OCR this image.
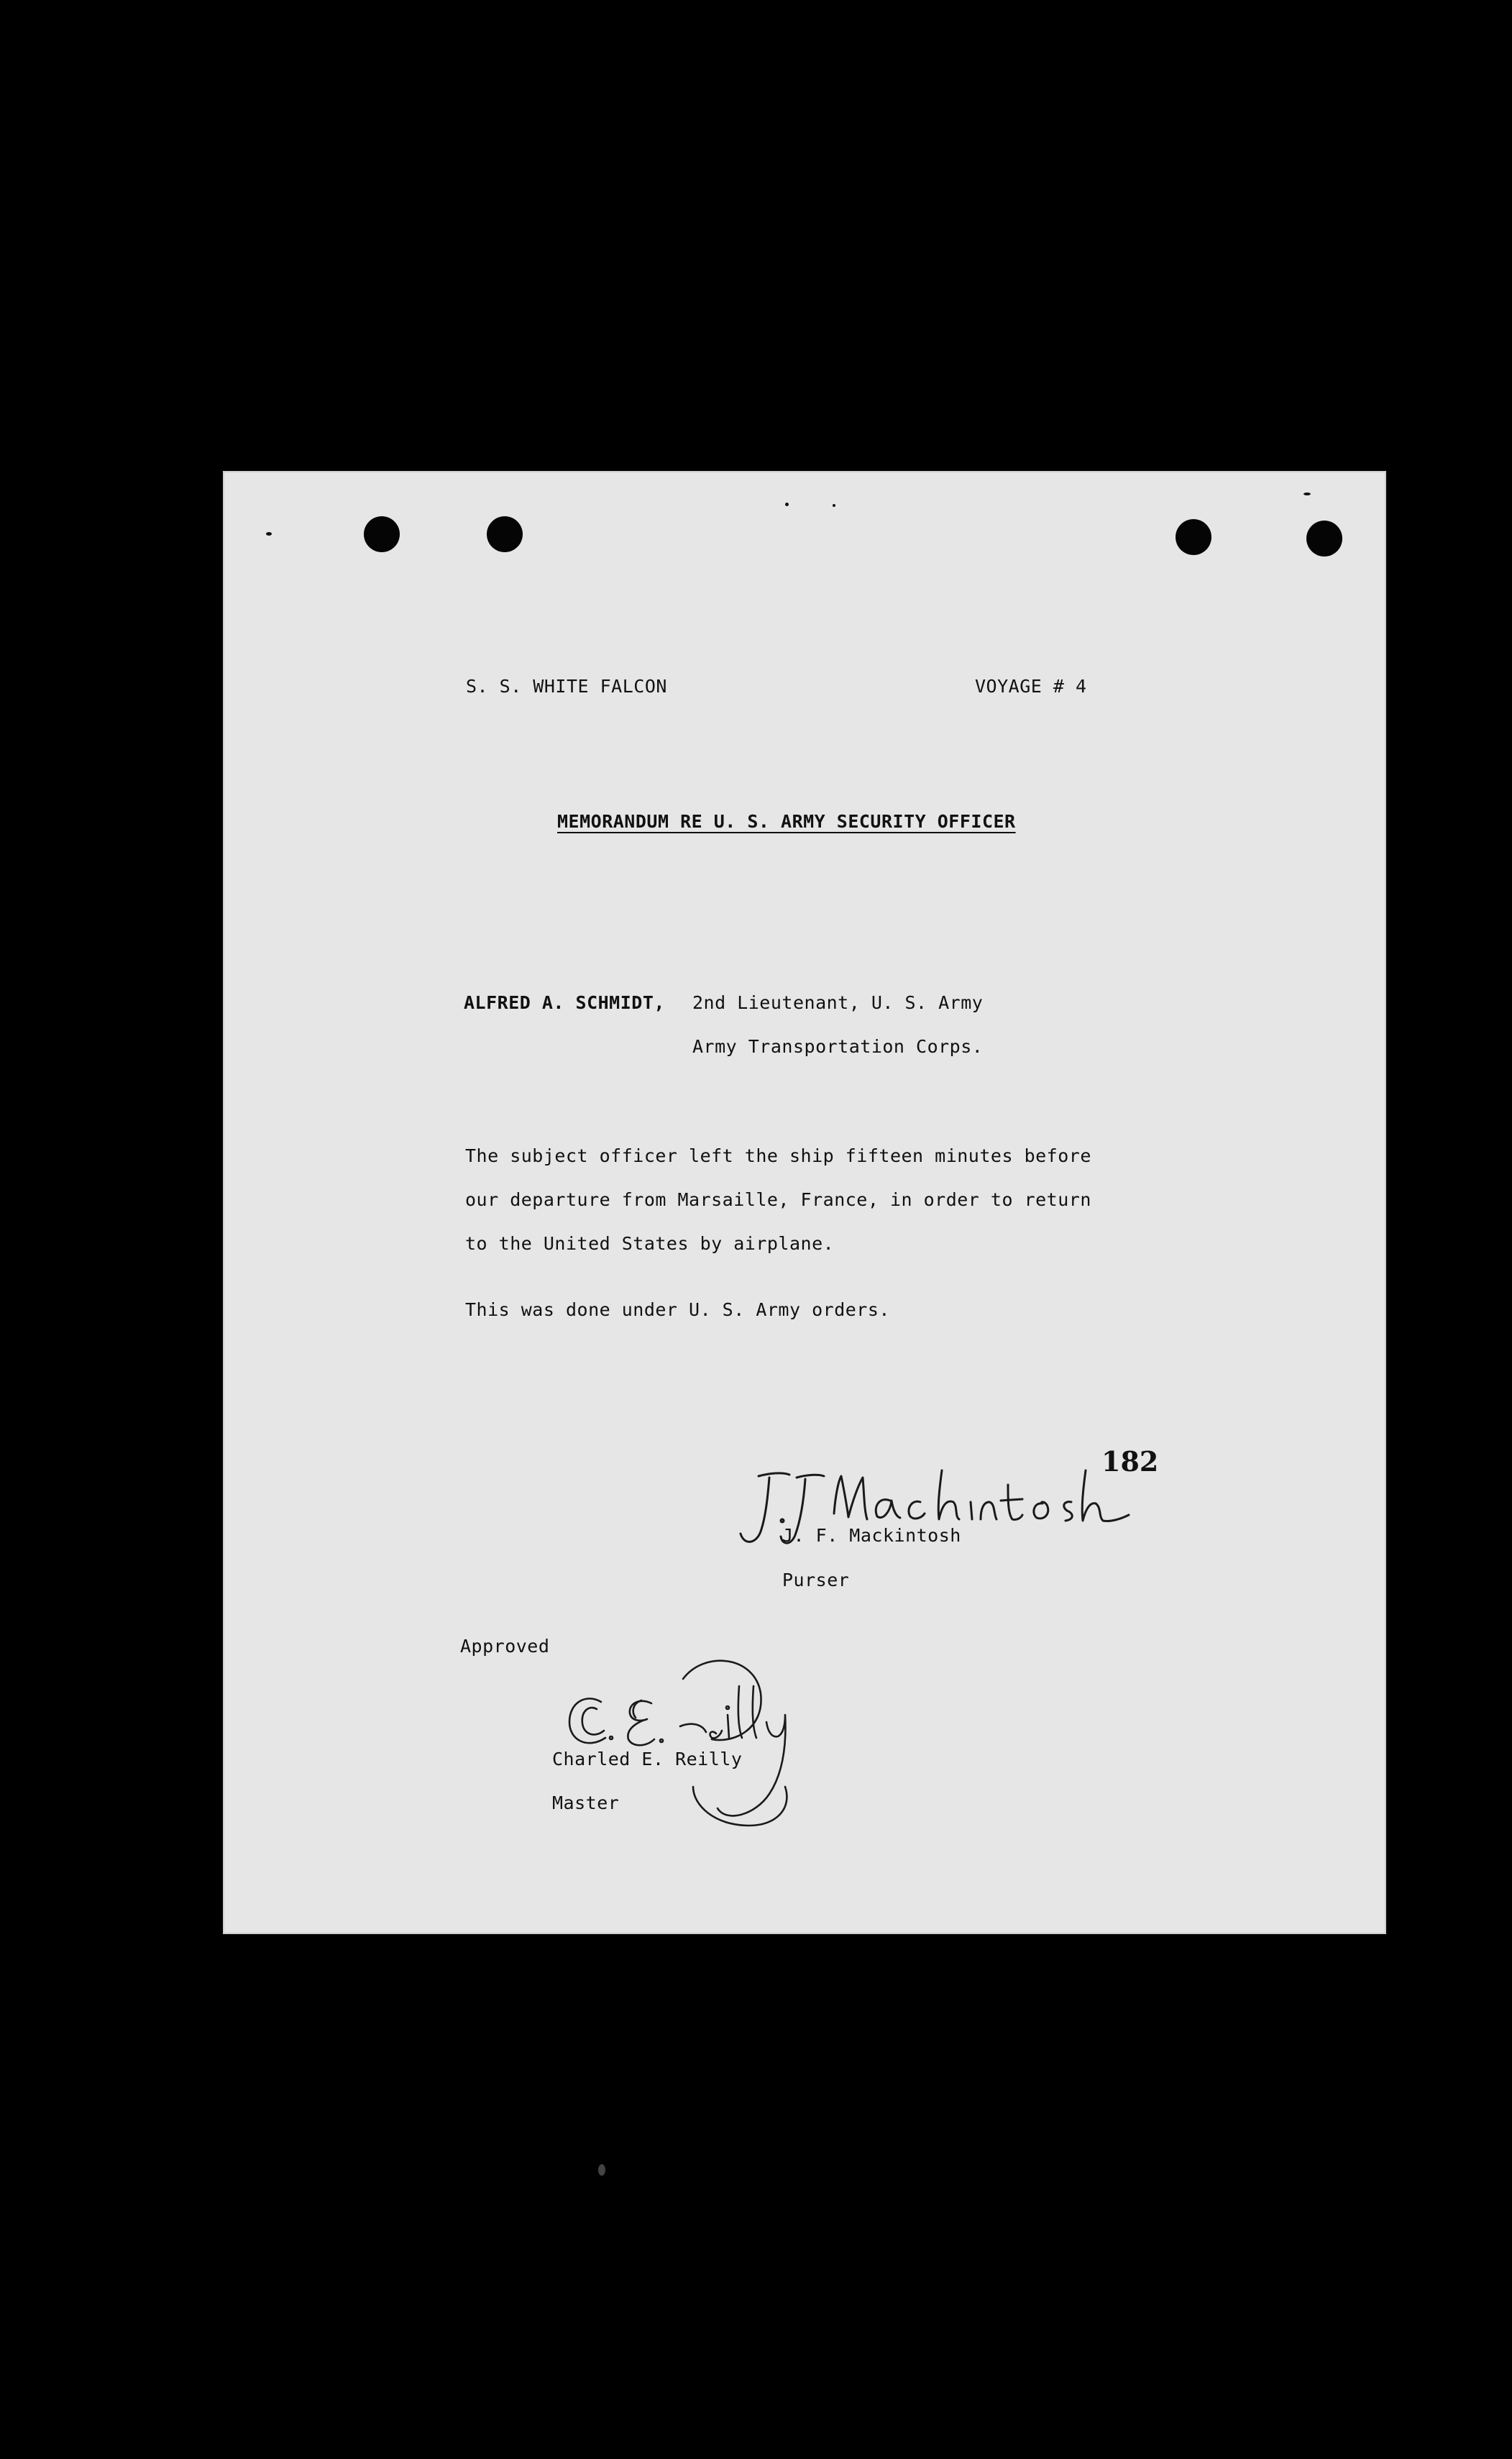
S. S. WHITE FALCON	VOYAGE # 4
MEMORANDUM RE U. S. ARMY SECURITY OFFICER
ALFRED A. SCHMIDT, 2nd Lieutenant, U. S. Army
Army Transportation Corps.
The subject officer left the ship fifteen minutes before
our departure from Marsaille, France, in order to return
to the United States by airplane.
This was done under U. S. Army orders.
182
J. F. Mackintosh
Purser
Approved
Charled E. Reilly
Master
